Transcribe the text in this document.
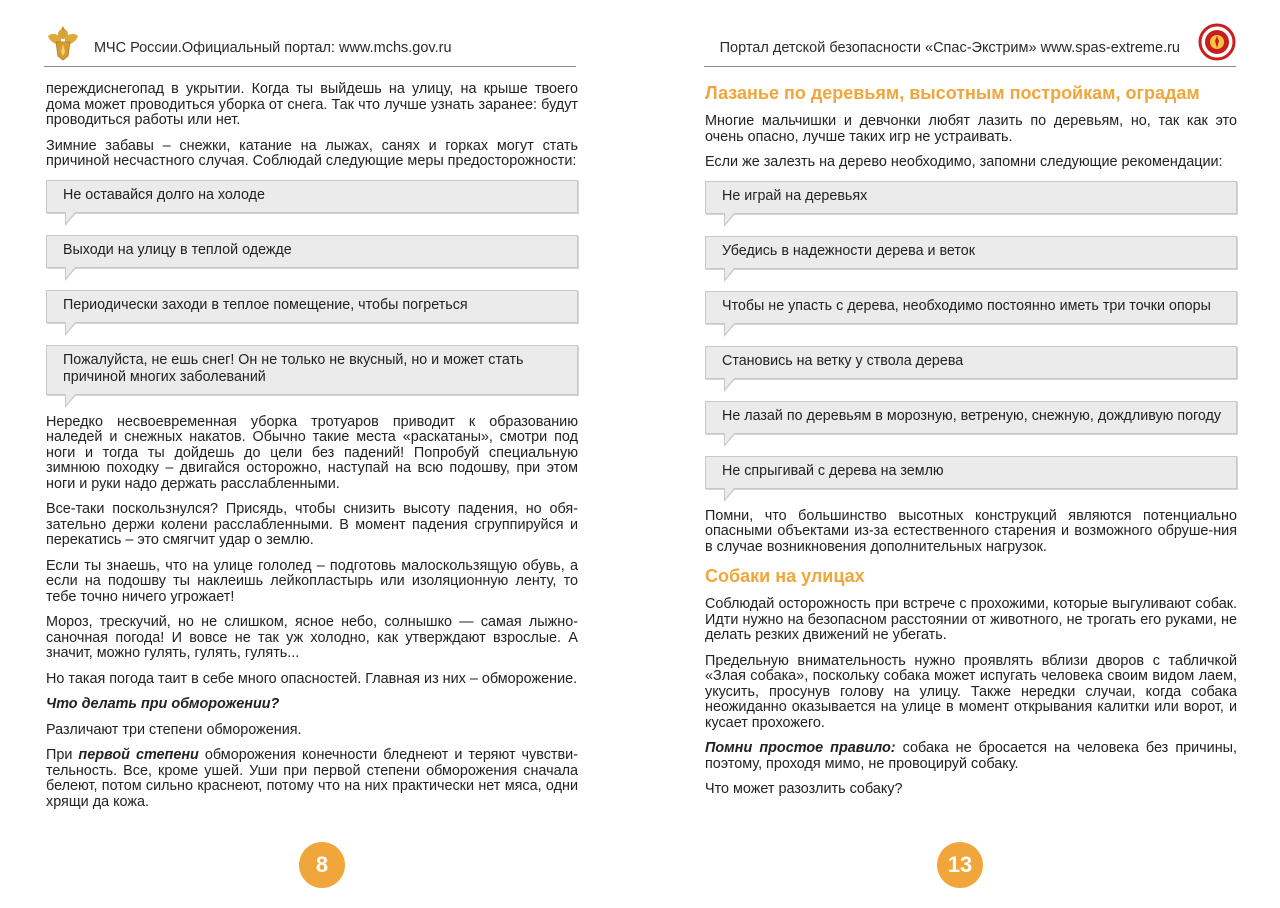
МЧС России.Официальный портал: www.mchs.gov.ru

переждиснегопад в укрытии. Когда ты выйдешь на улицу, на крыше твоего дома может проводиться уборка от снега. Так что лучше узнать заранее: будут проводиться работы или нет.

Зимние забавы – снежки, катание на лыжах, санях и горках могут стать причиной несчастного случая. Соблюдай следующие меры предосторожности:

Не оставайся долго на холоде
Выходи на улицу в теплой одежде
Периодически заходи в теплое помещение, чтобы погреться
Пожалуйста, не ешь снег! Он не только не вкусный, но и может стать причиной многих заболеваний

Нередко несвоевременная уборка тротуаров приводит к образованию наледей и снежных накатов. Обычно такие места «раскатаны», смотри под ноги и тогда ты дойдешь до цели без падений! Попробуй специальную зимнюю походку – двигайся осторожно, наступай на всю подошву, при этом ноги и руки надо держать расслабленными.

Все-таки поскользнулся? Присядь, чтобы снизить высоту падения, но обя-зательно держи колени расслабленными. В момент падения сгруппируйся и перекатись – это смягчит удар о землю.

Если ты знаешь, что на улице гололед – подготовь малоскользящую обувь, а если на подошву ты наклеишь лейкопластырь или изоляционную ленту, то тебе точно ничего угрожает!

Мороз, трескучий, но не слишком, ясное небо, солнышко — самая лыжно-саночная погода! И вовсе не так уж холодно, как утверждают взрослые. А значит, можно гулять, гулять, гулять...

Но такая погода таит в себе много опасностей. Главная из них – обморожение.

Что делать при обморожении?

Различают три степени обморожения.

При первой степени обморожения конечности бледнеют и теряют чувстви-тельность. Все, кроме ушей. Уши при первой степени обморожения сначала белеют, потом сильно краснеют, потому что на них практически нет мяса, одни хрящи да кожа.

8
Портал детской безопасности «Спас-Экстрим» www.spas-extreme.ru
Лазанье по деревьям, высотным постройкам, оградам

Многие мальчишки и девчонки любят лазить по деревьям, но, так как это очень опасно, лучше таких игр не устраивать.

Если же залезть на дерево необходимо, запомни следующие рекомендации:

Не играй на деревьях
Убедись в надежности дерева и веток
Чтобы не упасть с дерева, необходимо постоянно иметь три точки опоры
Становись на ветку у ствола дерева
Не лазай по деревьям в морозную, ветреную, снежную, дождливую погоду
Не спрыгивай с дерева на землю

Помни, что большинство высотных конструкций являются потенциально опасными объектами из-за естественного старения и возможного обруше-ния в случае возникновения дополнительных нагрузок.

Собаки на улицах

Соблюдай осторожность при встрече с прохожими, которые выгуливают собак. Идти нужно на безопасном расстоянии от животного, не трогать его руками, не делать резких движений не убегать.

Предельную внимательность нужно проявлять вблизи дворов с табличкой «Злая собака», поскольку собака может испугать человека своим видом лаем, укусить, просунув голову на улицу. Также нередки случаи, когда собака неожиданно оказывается на улице в момент открывания калитки или ворот, и кусает прохожего.

Помни простое правило: собака не бросается на человека без причины, поэтому, проходя мимо, не провоцируй собаку.

Что может разозлить собаку?

13
